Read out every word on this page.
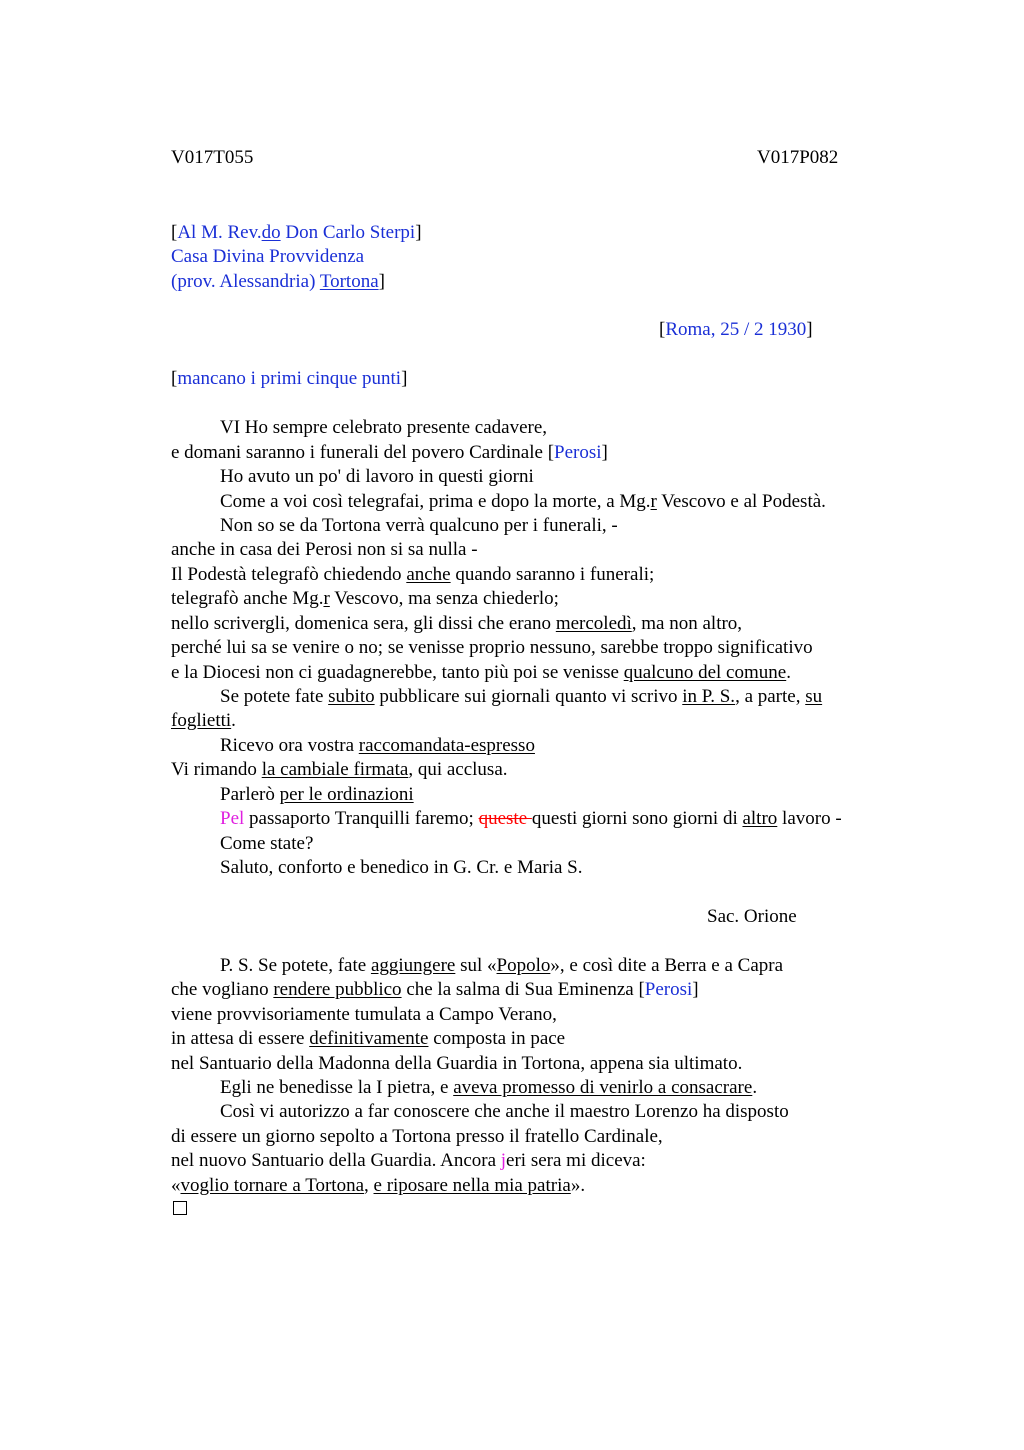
V017T055	V017P082
[Al M. Rev.do Don Carlo Sterpi]
Casa Divina Provvidenza
(prov. Alessandria) Tortona]
[Roma, 25 / 2 1930]
[mancano i primi cinque punti]
VI Ho sempre celebrato presente cadavere,
e domani saranno i funerali del povero Cardinale [Perosi]
Ho avuto un po' di lavoro in questi giorni
Come a voi così telegrafai, prima e dopo la morte, a Mg.r Vescovo e al Podestà.
Non so se da Tortona verrà qualcuno per i funerali, -
anche in casa dei Perosi non si sa nulla -
Il Podestà telegrafò chiedendo anche quando saranno i funerali;
telegrafò anche Mg.r Vescovo, ma senza chiederlo;
nello scrivergli, domenica sera, gli dissi che erano mercoledì, ma non altro,
perché lui sa se venire o no; se venisse proprio nessuno, sarebbe troppo significativo
e la Diocesi non ci guadagnerebbe, tanto più poi se venisse qualcuno del comune.
Se potete fate subito pubblicare sui giornali quanto vi scrivo in P. S., a parte, su
foglietti.
Ricevo ora vostra raccomandata-espresso
Vi rimando la cambiale firmata, qui acclusa.
Parlerò per le ordinazioni
Pel passaporto Tranquilli faremo; queste questi giorni sono giorni di altro lavoro -
Come state?
Saluto, conforto e benedico in G. Cr. e Maria S.
Sac. Orione
P. S. Se potete, fate aggiungere sul «Popolo», e così dite a Berra e a Capra
che vogliano rendere pubblico che la salma di Sua Eminenza [Perosi]
viene provvisoriamente tumulata a Campo Verano,
in attesa di essere definitivamente composta in pace
nel Santuario della Madonna della Guardia in Tortona, appena sia ultimato.
Egli ne benedisse la I pietra, e aveva promesso di venirlo a consacrare.
Così vi autorizzo a far conoscere che anche il maestro Lorenzo ha disposto
di essere un giorno sepolto a Tortona presso il fratello Cardinale,
nel nuovo Santuario della Guardia. Ancora jeri sera mi diceva:
«voglio tornare a Tortona, e riposare nella mia patria».
